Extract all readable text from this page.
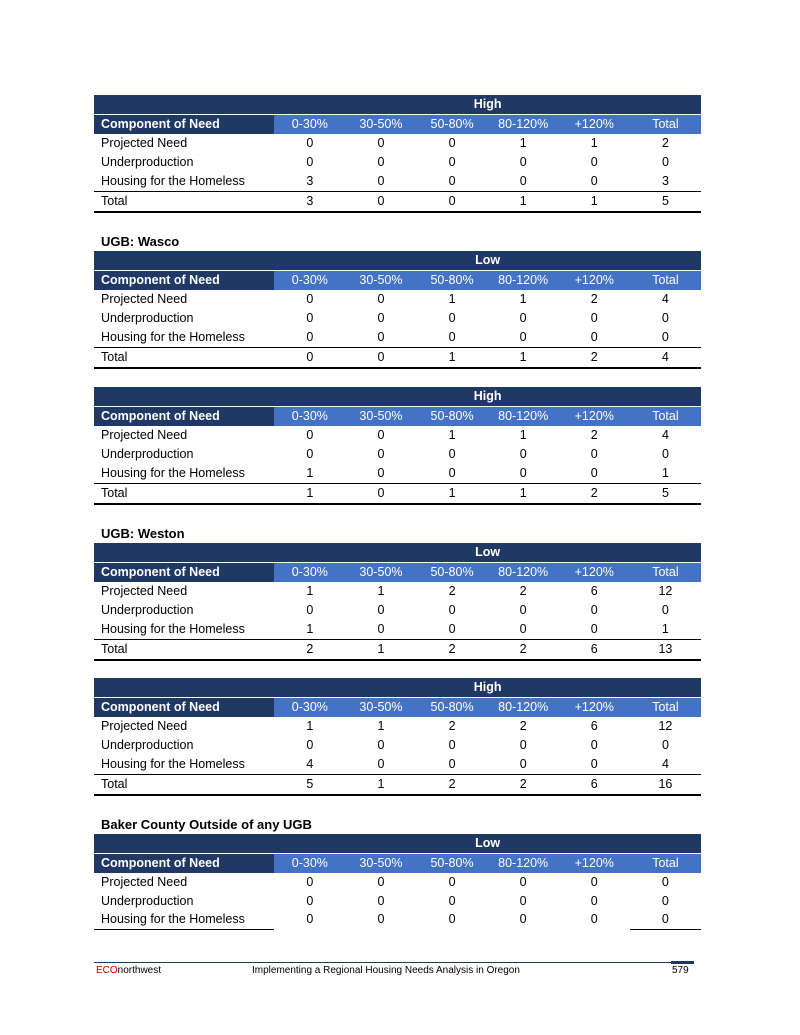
	High					
Component of Need	0-30%	30-50%	50-80%	80-120%	+120%	Total
Projected Need	0	0	0	1	1	2
Underproduction	0	0	0	0	0	0
Housing for the Homeless	3	0	0	0	0	3
Total	3	0	0	1	1	5
UGB: Wasco
	Low					
Component of Need	0-30%	30-50%	50-80%	80-120%	+120%	Total
Projected Need	0	0	1	1	2	4
Underproduction	0	0	0	0	0	0
Housing for the Homeless	0	0	0	0	0	0
Total	0	0	1	1	2	4
	High					
Component of Need	0-30%	30-50%	50-80%	80-120%	+120%	Total
Projected Need	0	0	1	1	2	4
Underproduction	0	0	0	0	0	0
Housing for the Homeless	1	0	0	0	0	1
Total	1	0	1	1	2	5
UGB: Weston
	Low					
Component of Need	0-30%	30-50%	50-80%	80-120%	+120%	Total
Projected Need	1	1	2	2	6	12
Underproduction	0	0	0	0	0	0
Housing for the Homeless	1	0	0	0	0	1
Total	2	1	2	2	6	13
	High					
Component of Need	0-30%	30-50%	50-80%	80-120%	+120%	Total
Projected Need	1	1	2	2	6	12
Underproduction	0	0	0	0	0	0
Housing for the Homeless	4	0	0	0	0	4
Total	5	1	2	2	6	16
Baker County Outside of any UGB
	Low					
Component of Need	0-30%	30-50%	50-80%	80-120%	+120%	Total
Projected Need	0	0	0	0	0	0
Underproduction	0	0	0	0	0	0
Housing for the Homeless	0	0	0	0	0	0
ECOnorthwest	Implementing a Regional Housing Needs Analysis in Oregon	579
